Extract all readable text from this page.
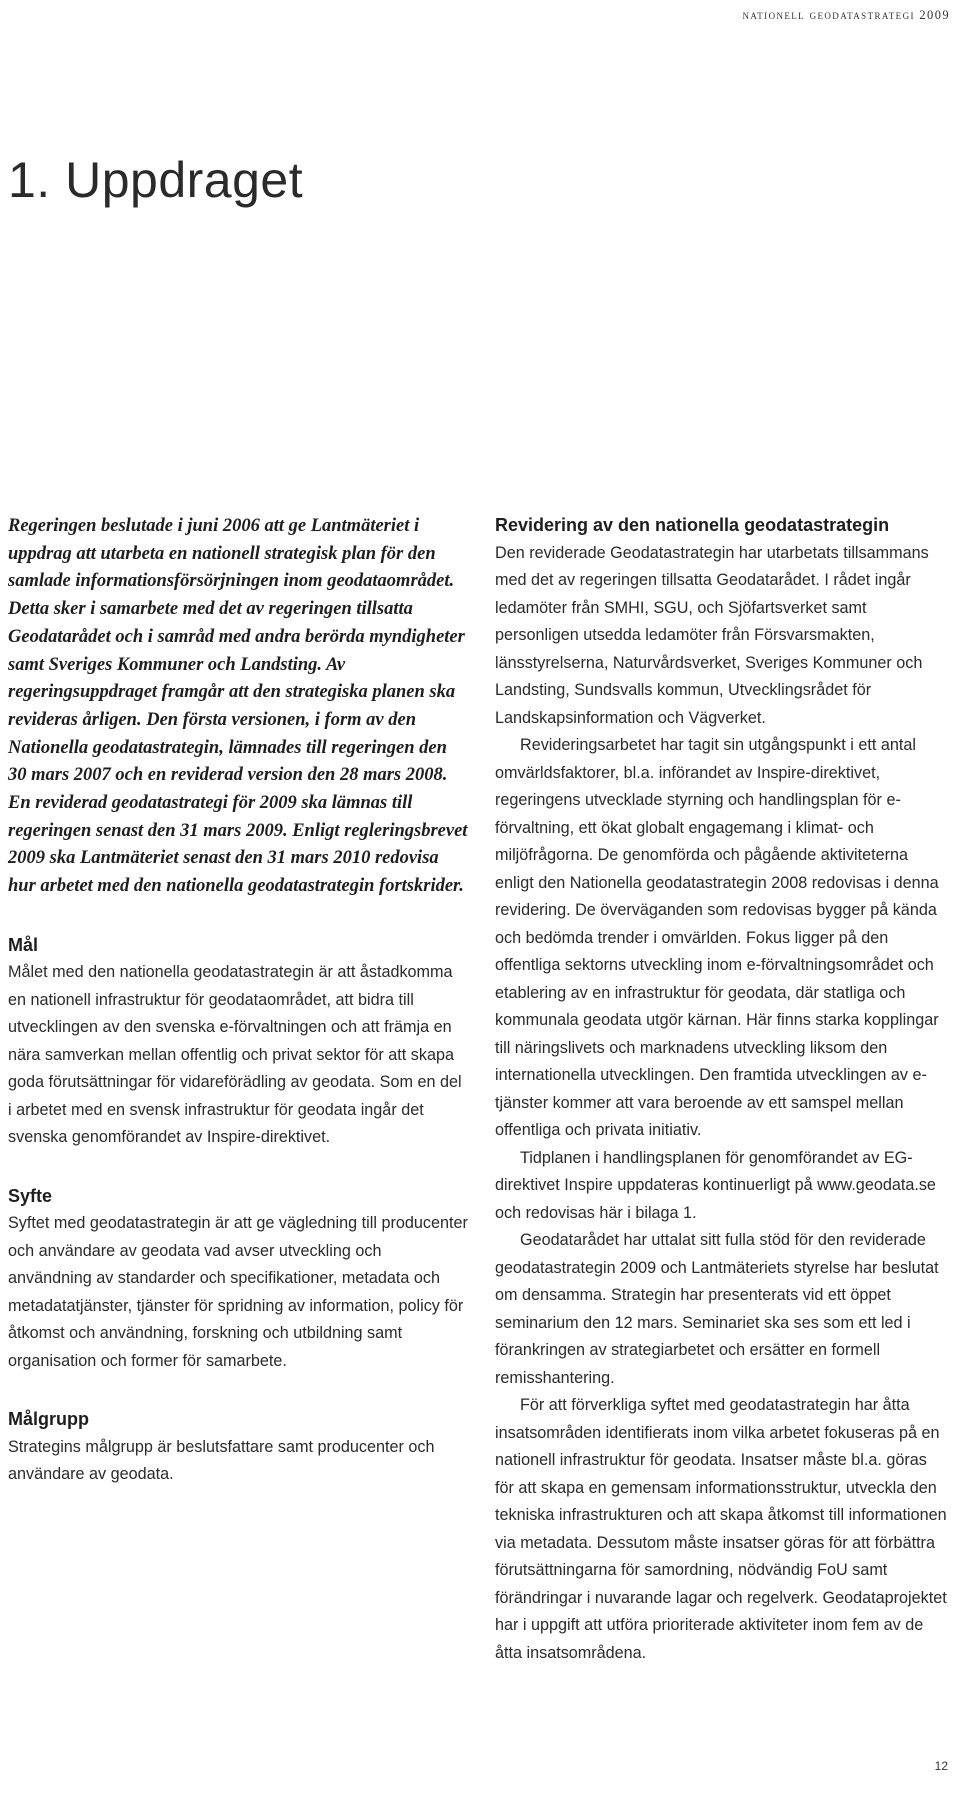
nationell geodatastrategi 2009
1. Uppdraget

Regeringen beslutade i juni 2006 att ge Lantmäteriet i uppdrag att utarbeta en nationell strategisk plan för den samlade informationsförsörjningen inom geodataområdet. Detta sker i samarbete med det av regeringen tillsatta Geodatarådet och i samråd med andra berörda myndigheter samt Sveriges Kommuner och Landsting. Av regeringsuppdraget framgår att den strategiska planen ska revideras årligen. Den första versionen, i form av den Nationella geodatastrategin, lämnades till regeringen den 30 mars 2007 och en reviderad version den 28 mars 2008. En reviderad geodatastrategi för 2009 ska lämnas till regeringen senast den 31 mars 2009. Enligt regleringsbrevet 2009 ska Lantmäteriet senast den 31 mars 2010 redovisa hur arbetet med den nationella geodatastrategin fortskrider.

Mål

Målet med den nationella geodatastrategin är att åstadkomma en nationell infrastruktur för geodataområdet, att bidra till utvecklingen av den svenska e-förvaltningen och att främja en nära samverkan mellan offentlig och privat sektor för att skapa goda förutsättningar för vidareförädling av geodata. Som en del i arbetet med en svensk infrastruktur för geodata ingår det svenska genomförandet av Inspire-direktivet.

Syfte

Syftet med geodatastrategin är att ge vägledning till producenter och användare av geodata vad avser utveckling och användning av standarder och specifikationer, metadata och metadatatjänster, tjänster för spridning av information, policy för åtkomst och användning, forskning och utbildning samt organisation och former för samarbete.

Målgrupp

Strategins målgrupp är beslutsfattare samt producenter och användare av geodata.

Revidering av den nationella geodatastrategin

Den reviderade Geodatastrategin har utarbetats tillsammans med det av regeringen tillsatta Geodatarådet. I rådet ingår ledamöter från SMHI, SGU, och Sjöfartsverket samt personligen utsedda ledamöter från Försvarsmakten, länsstyrelserna, Naturvårdsverket, Sveriges Kommuner och Landsting, Sundsvalls kommun, Utvecklingsrådet för Landskapsinformation och Vägverket.

Revideringsarbetet har tagit sin utgångspunkt i ett antal omvärldsfaktorer, bl.a. införandet av Inspire-direktivet, regeringens utvecklade styrning och handlingsplan för e-förvaltning, ett ökat globalt engagemang i klimat- och miljöfrågorna. De genomförda och pågående aktiviteterna enligt den Nationella geodatastrategin 2008 redovisas i denna revidering. De överväganden som redovisas bygger på kända och bedömda trender i omvärlden. Fokus ligger på den offentliga sektorns utveckling inom e-förvaltningsområdet och etablering av en infrastruktur för geodata, där statliga och kommunala geodata utgör kärnan. Här finns starka kopplingar till näringslivets och marknadens utveckling liksom den internationella utvecklingen. Den framtida utvecklingen av e-tjänster kommer att vara beroende av ett samspel mellan offentliga och privata initiativ.

Tidplanen i handlingsplanen för genomförandet av EG-direktivet Inspire uppdateras kontinuerligt på www.geodata.se och redovisas här i bilaga 1.

Geodatarådet har uttalat sitt fulla stöd för den reviderade geodatastrategin 2009 och Lantmäteriets styrelse har beslutat om densamma. Strategin har presenterats vid ett öppet seminarium den 12 mars. Seminariet ska ses som ett led i förankringen av strategiarbetet och ersätter en formell remisshantering.

För att förverkliga syftet med geodatastrategin har åtta insatsområden identifierats inom vilka arbetet fokuseras på en nationell infrastruktur för geodata. Insatser måste bl.a. göras för att skapa en gemensam informationsstruktur, utveckla den tekniska infrastrukturen och att skapa åtkomst till informationen via metadata. Dessutom måste insatser göras för att förbättra förutsättningarna för samordning, nödvändig FoU samt förändringar i nuvarande lagar och regelverk. Geodataprojektet har i uppgift att utföra prioriterade aktiviteter inom fem av de åtta insatsområdena.

12
